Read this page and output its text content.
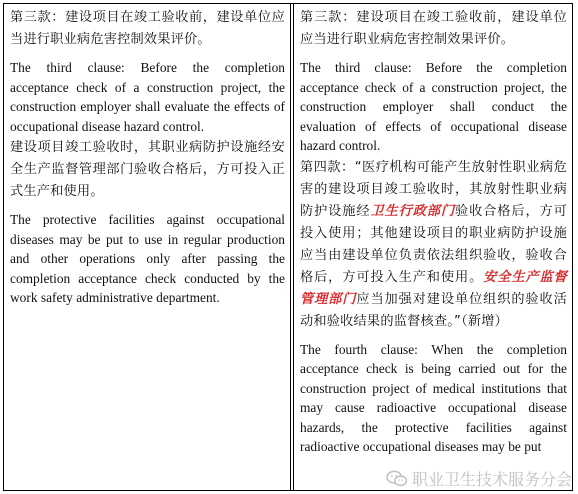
第三款：建设项目在竣工验收前，建设单位应当进行职业病危害控制效果评价。

The third clause: Before the completion acceptance check of a construction project, the construction employer shall evaluate the effects of occupational disease hazard control.

建设项目竣工验收时，其职业病防护设施经安全生产监督管理部门验收合格后，方可投入正式生产和使用。

The protective facilities against occupational diseases may be put to use in regular production and other operations only after passing the completion acceptance check conducted by the work safety administrative department.

第三款：建设项目在竣工验收前，建设单位应当进行职业病危害控制效果评价。

The third clause: Before the completion acceptance check of a construction project, the construction employer shall conduct the evaluation of effects of occupational disease hazard control.

第四款：“医疗机构可能产生放射性职业病危害的建设项目竣工验收时，其放射性职业病防护设施经卫生行政部门验收合格后，方可投入使用；其他建设项目的职业病防护设施应当由建设单位负责依法组织验收，验收合格后，方可投入生产和使用。安全生产监督管理部门应当加强对建设单位组织的验收活动和验收结果的监督核查。”（新增）

The fourth clause: When the completion acceptance check is being carried out for the construction project of medical institutions that may cause radioactive occupational disease hazards, the protective facilities against radioactive occupational diseases may be put

职业卫生技术服务分会
